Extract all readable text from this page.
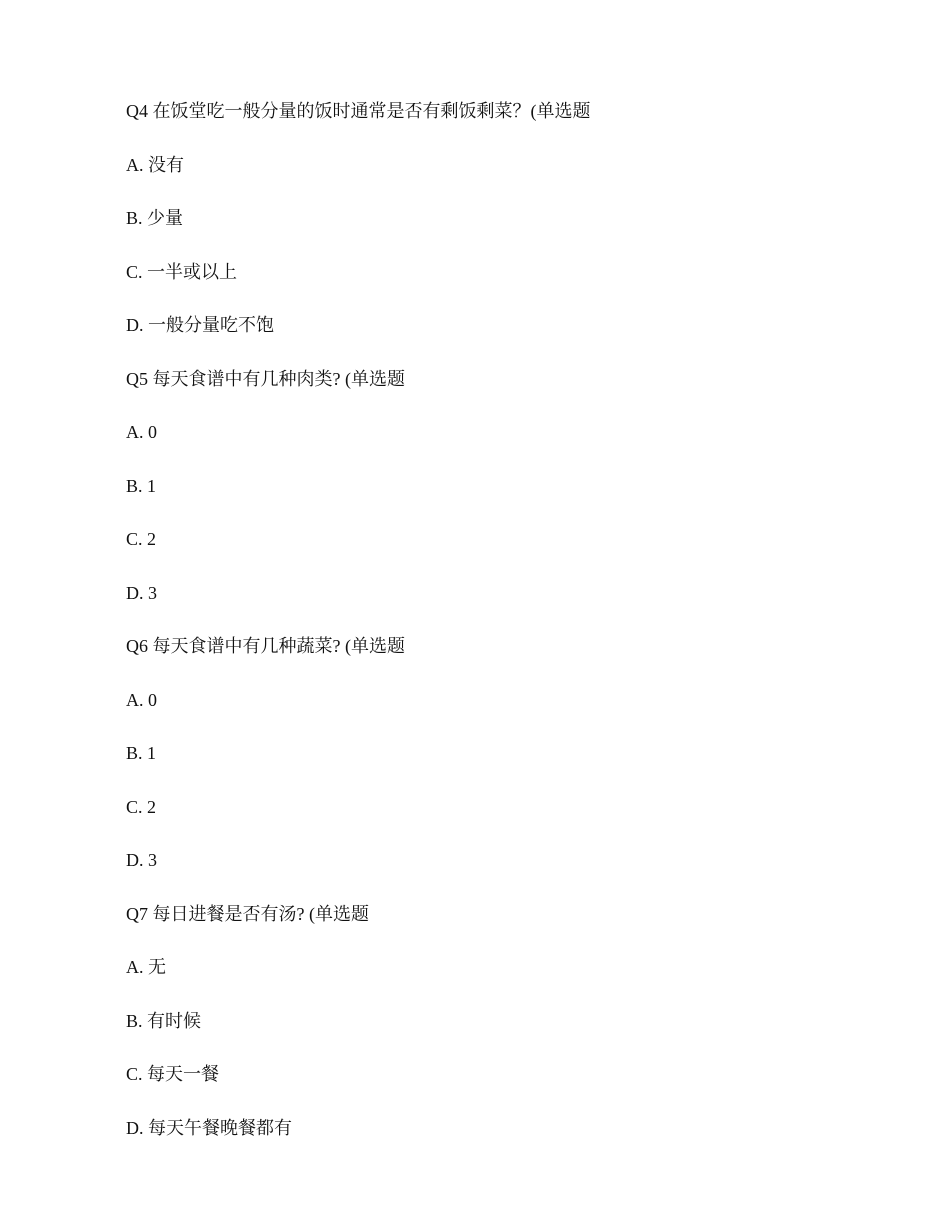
Q4 在饭堂吃一般分量的饭时通常是否有剩饭剩菜？(单选题
A. 没有
B. 少量
C. 一半或以上
D. 一般分量吃不饱
Q5 每天食谱中有几种肉类? (单选题
A. 0
B. 1
C. 2
D. 3
Q6 每天食谱中有几种蔬菜? (单选题
A. 0
B. 1
C. 2
D. 3
Q7 每日进餐是否有汤? (单选题
A. 无
B. 有时候
C. 每天一餐
D. 每天午餐晚餐都有
